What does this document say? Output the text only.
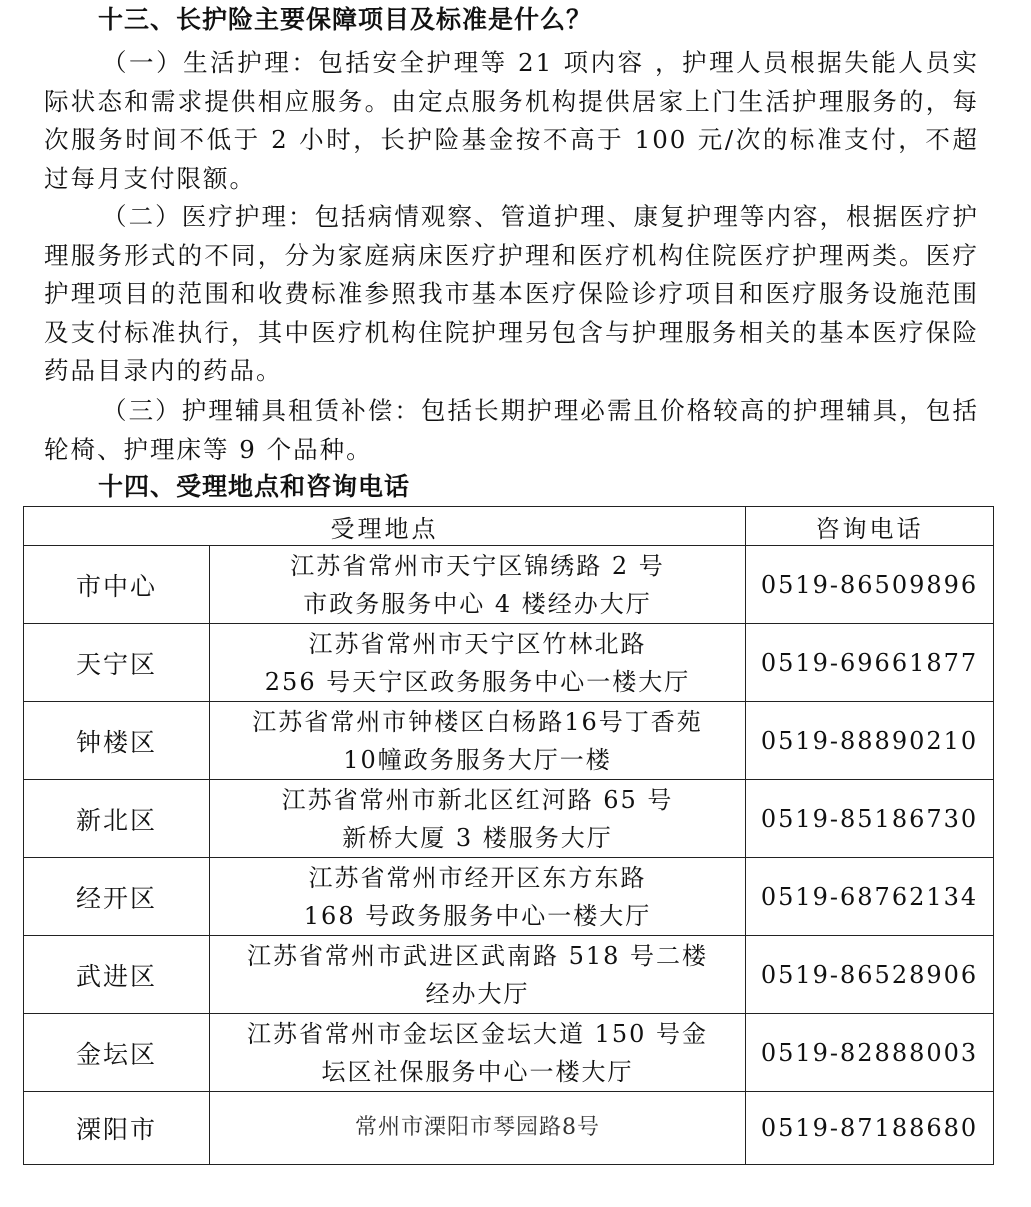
十三、长护险主要保障项目及标准是什么？
（一）生活护理：包括安全护理等 21 项内容 ，护理人员根据失能人员实际状态和需求提供相应服务。由定点服务机构提供居家上门生活护理服务的，每次服务时间不低于 2 小时，长护险基金按不高于 100 元/次的标准支付，不超过每月支付限额。
（二）医疗护理：包括病情观察、管道护理、康复护理等内容，根据医疗护理服务形式的不同，分为家庭病床医疗护理和医疗机构住院医疗护理两类。医疗护理项目的范围和收费标准参照我市基本医疗保险诊疗项目和医疗服务设施范围及支付标准执行，其中医疗机构住院护理另包含与护理服务相关的基本医疗保险药品目录内的药品。
（三）护理辅具租赁补偿：包括长期护理必需且价格较高的护理辅具，包括轮椅、护理床等 9 个品种。
十四、受理地点和咨询电话
受理地点		咨询电话
市中心	江苏省常州市天宁区锦绣路 2 号
市政务服务中心 4 楼经办大厅	0519-86509896
天宁区	江苏省常州市天宁区竹林北路
256 号天宁区政务服务中心一楼大厅	0519-69661877
钟楼区	江苏省常州市钟楼区白杨路16号丁香苑
10幢政务服务大厅一楼	0519-88890210
新北区	江苏省常州市新北区红河路 65 号
新桥大厦 3 楼服务大厅	0519-85186730
经开区	江苏省常州市经开区东方东路
168 号政务服务中心一楼大厅	0519-68762134
武进区	江苏省常州市武进区武南路 518 号二楼
经办大厅	0519-86528906
金坛区	江苏省常州市金坛区金坛大道 150 号金
坛区社保服务中心一楼大厅	0519-82888003
溧阳市	常州市溧阳市琴园路8号	0519-87188680
